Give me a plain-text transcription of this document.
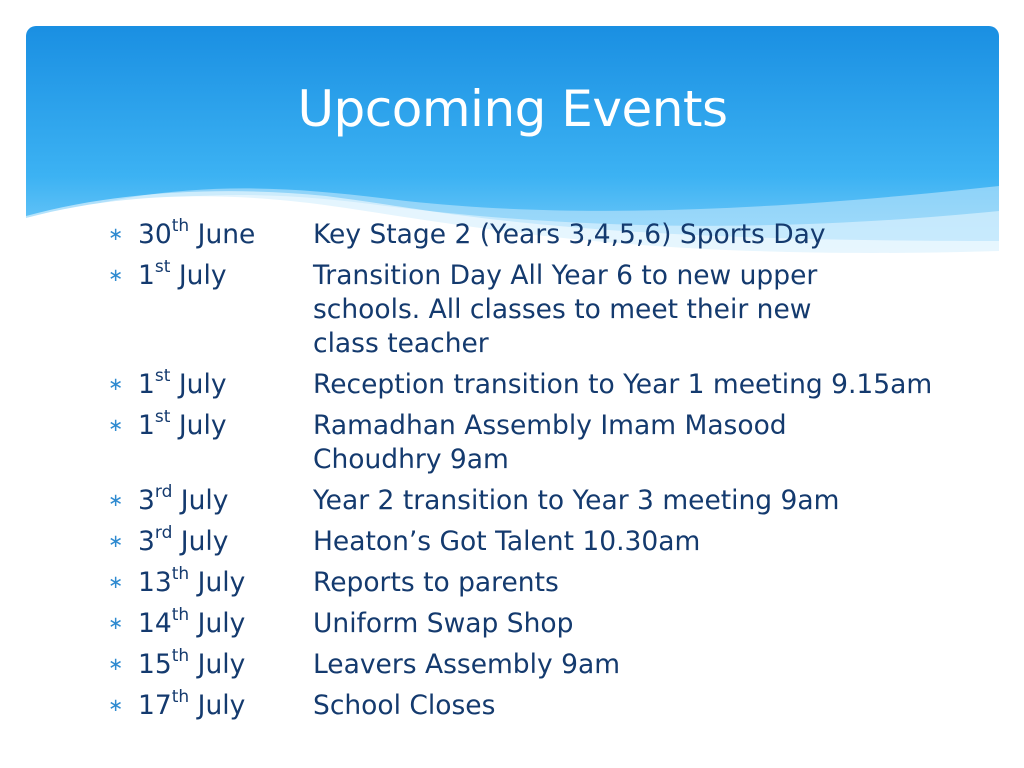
Upcoming Events
∗ 30th June	Key Stage 2 (Years 3,4,5,6) Sports Day
∗ 1st July	Transition Day All Year 6 to new upper
schools. All classes to meet their new
class teacher
∗ 1st July	Reception transition to Year 1 meeting 9.15am
∗ 1st July	Ramadhan Assembly Imam Masood
Choudhry 9am
∗ 3rd July	Year 2 transition to Year 3 meeting 9am
∗ 3rd July	Heaton’s Got Talent 10.30am
∗ 13th July	Reports to parents
∗ 14th July	Uniform Swap Shop
∗ 15th July	Leavers Assembly 9am
∗ 17th July	School Closes
